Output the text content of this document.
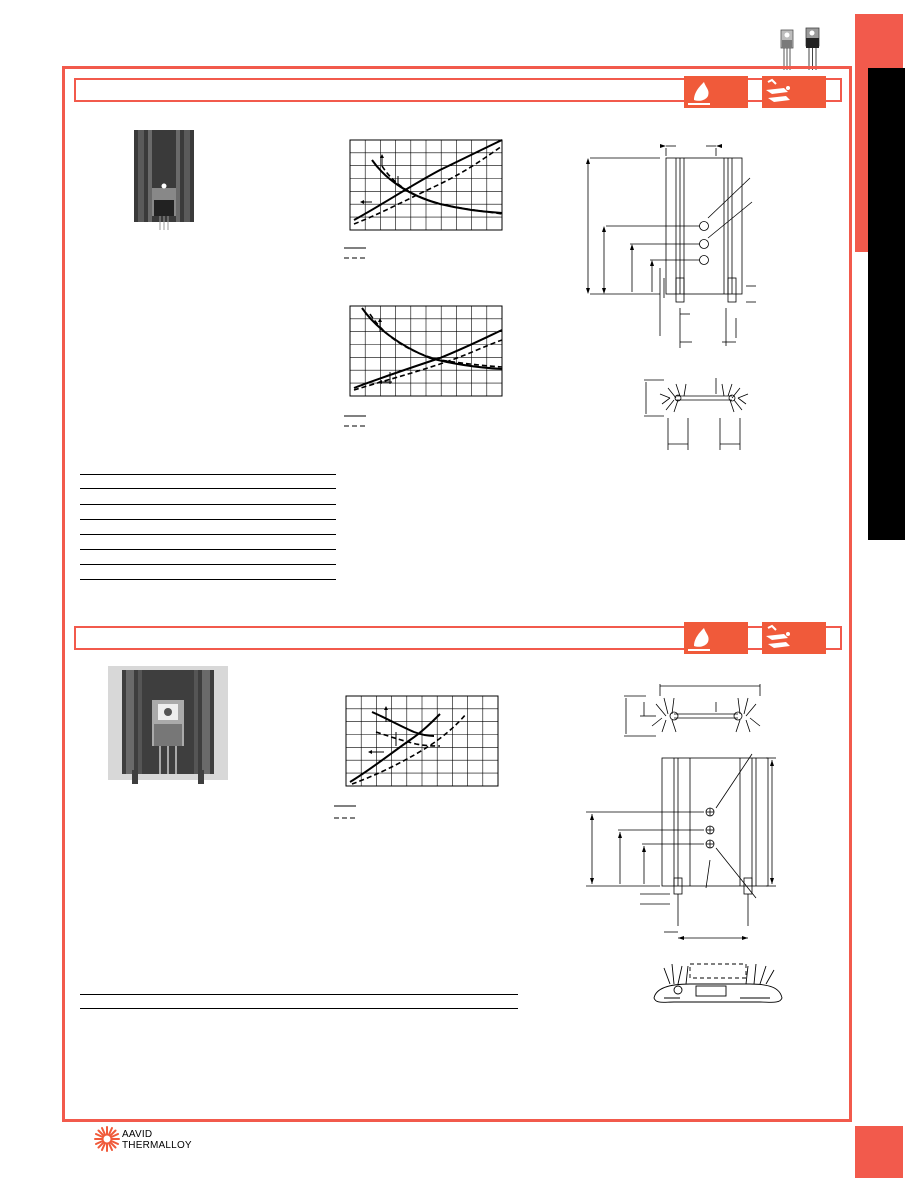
AAVID
THERMALLOY
